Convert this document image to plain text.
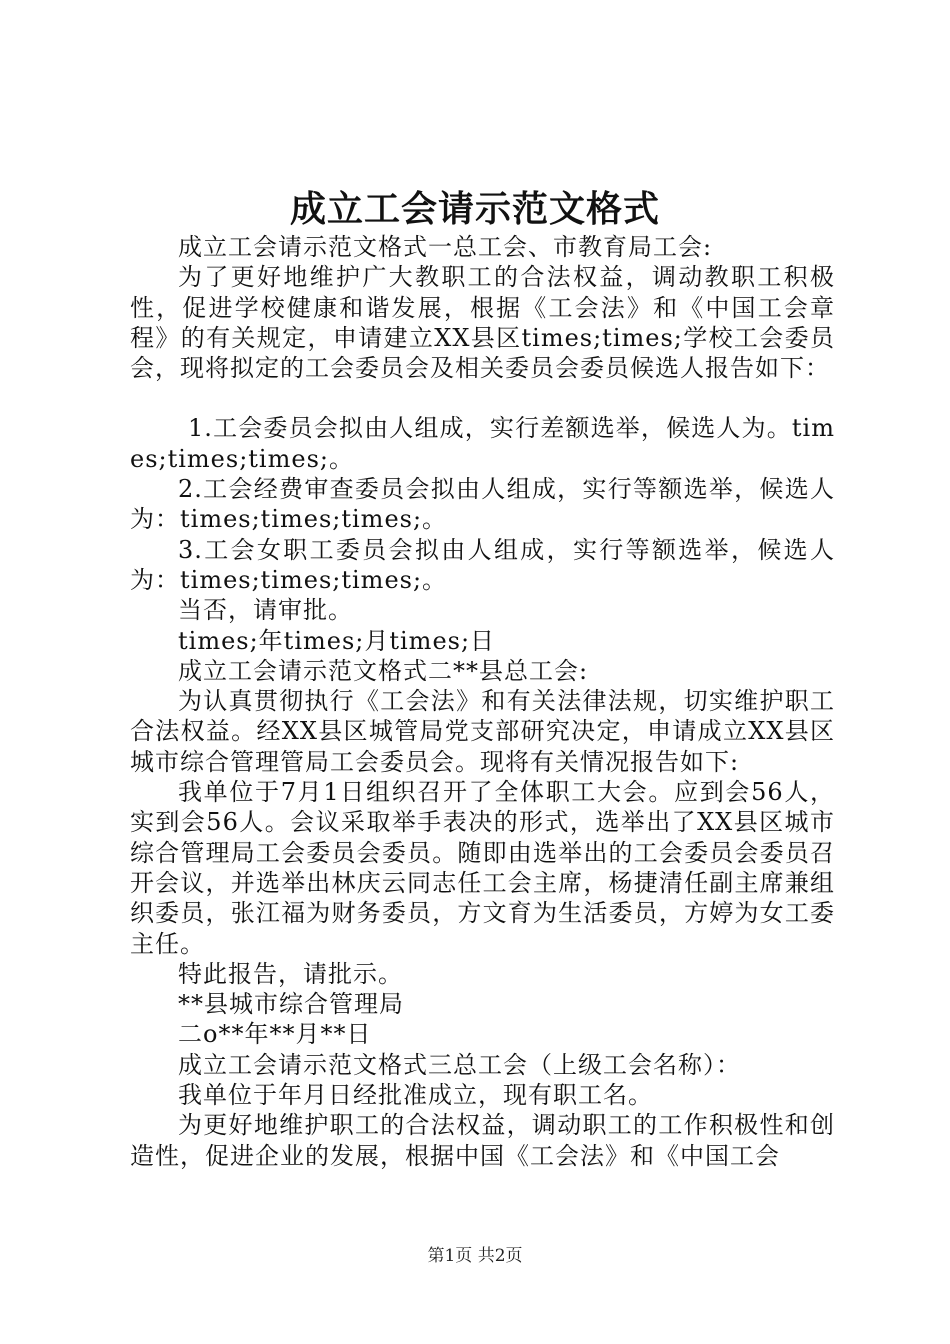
成立工会请示范文格式

成立工会请示范文格式一总工会、市教育局工会:

为了更好地维护广大教职工的合法权益，调动教职工积极性，促进学校健康和谐发展，根据《工会法》和《中国工会章程》的有关规定，申请建立XX县区times;times;学校工会委员会，现将拟定的工会委员会及相关委员会委员候选人报告如下：

1.工会委员会拟由人组成，实行差额选举，候选人为。times;times;times;。

2.工会经费审查委员会拟由人组成，实行等额选举，候选人为：times;times;times;。

3.工会女职工委员会拟由人组成，实行等额选举，候选人为：times;times;times;。

当否，请审批。

times;年times;月times;日

成立工会请示范文格式二**县总工会:

为认真贯彻执行《工会法》和有关法律法规，切实维护职工合法权益。经XX县区城管局党支部研究决定，申请成立XX县区城市综合管理管局工会委员会。现将有关情况报告如下:

我单位于7月1日组织召开了全体职工大会。应到会56人，实到会56人。会议采取举手表决的形式，选举出了XX县区城市综合管理局工会委员会委员。随即由选举出的工会委员会委员召开会议，并选举出林庆云同志任工会主席，杨捷清任副主席兼组织委员，张江福为财务委员，方文育为生活委员，方婷为女工委主任。

特此报告，请批示。

**县城市综合管理局

二o**年**月**日

成立工会请示范文格式三总工会（上级工会名称）：

我单位于年月日经批准成立，现有职工名。

为更好地维护职工的合法权益，调动职工的工作积极性和创造性，促进企业的发展，根据中国《工会法》和《中国工会

第1页 共2页
